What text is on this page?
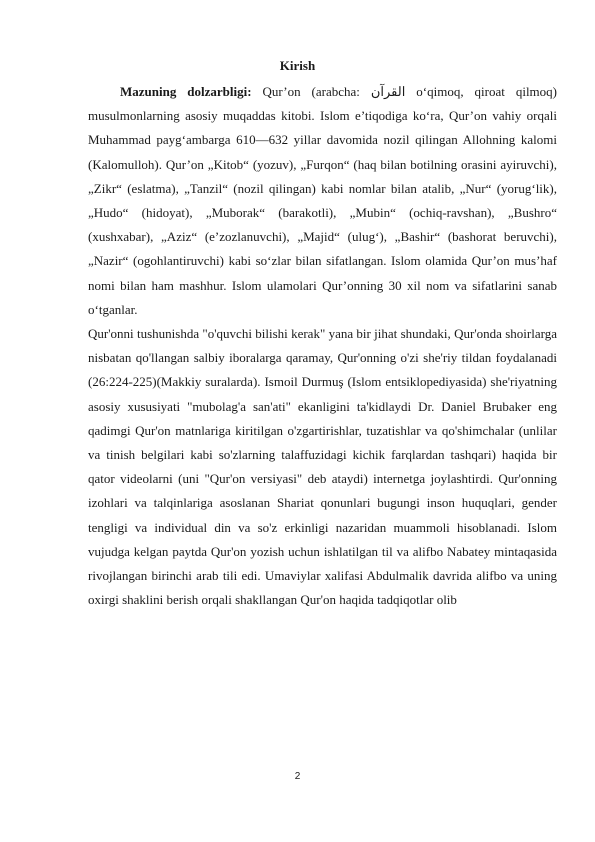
Kirish

Mazuning dolzarbligi: Qur’on (arabcha: القرآن o‘qimoq, qiroat qilmoq) musulmonlarning asosiy muqaddas kitobi. Islom e’tiqodiga ko‘ra, Qur’on vahiy orqali Muhammad payg‘ambarga 610—632 yillar davomida nozil qilingan Allohning kalomi (Kalomulloh). Qur’on „Kitob“ (yozuv), „Furqon“ (haq bilan botilning orasini ayiruvchi), „Zikr“ (eslatma), „Tanzil“ (nozil qilingan) kabi nomlar bilan atalib, „Nur“ (yorug‘lik), „Hudo“ (hidoyat), „Muborak“ (barakotli), „Mubin“ (ochiq-ravshan), „Bushro“ (xushxabar), „Aziz“ (e’zozlanuvchi), „Majid“ (ulug‘), „Bashir“ (bashorat beruvchi), „Nazir“ (ogohlantiruvchi) kabi so‘zlar bilan sifatlangan. Islom olamida Qur’on mus’haf nomi bilan ham mashhur. Islom ulamolari Qur’onning 30 xil nom va sifatlarini sanab o‘tganlar.

Qur'onni tushunishda "o'quvchi bilishi kerak" yana bir jihat shundaki, Qur'onda shoirlarga nisbatan qo'llangan salbiy iboralarga qaramay, Qur'onning o'zi she'riy tildan foydalanadi (26:224-225)(Makkiy suralarda). Ismoil Durmuş (Islom entsiklopediyasida) she'riyatning asosiy xususiyati "mubolag'a san'ati" ekanligini ta'kidlaydi Dr. Daniel Brubaker eng qadimgi Qur'on matnlariga kiritilgan o'zgartirishlar, tuzatishlar va qo'shimchalar (unlilar va tinish belgilari kabi so'zlarning talaffuzidagi kichik farqlardan tashqari) haqida bir qator videolarni (uni "Qur'on versiyasi" deb ataydi) internetga joylashtirdi. Qur'onning izohlari va talqinlariga asoslanan Shariat qonunlari bugungi inson huquqlari, gender tengligi va individual din va so'z erkinligi nazaridan muammoli hisoblanadi. Islom vujudga kelgan paytda Qur'on yozish uchun ishlatilgan til va alifbo Nabatey mintaqasida rivojlangan birinchi arab tili edi. Umaviylar xalifasi Abdulmalik davrida alifbo va uning oxirgi shaklini berish orqali shakllangan Qur'on haqida tadqiqotlar olib

2
